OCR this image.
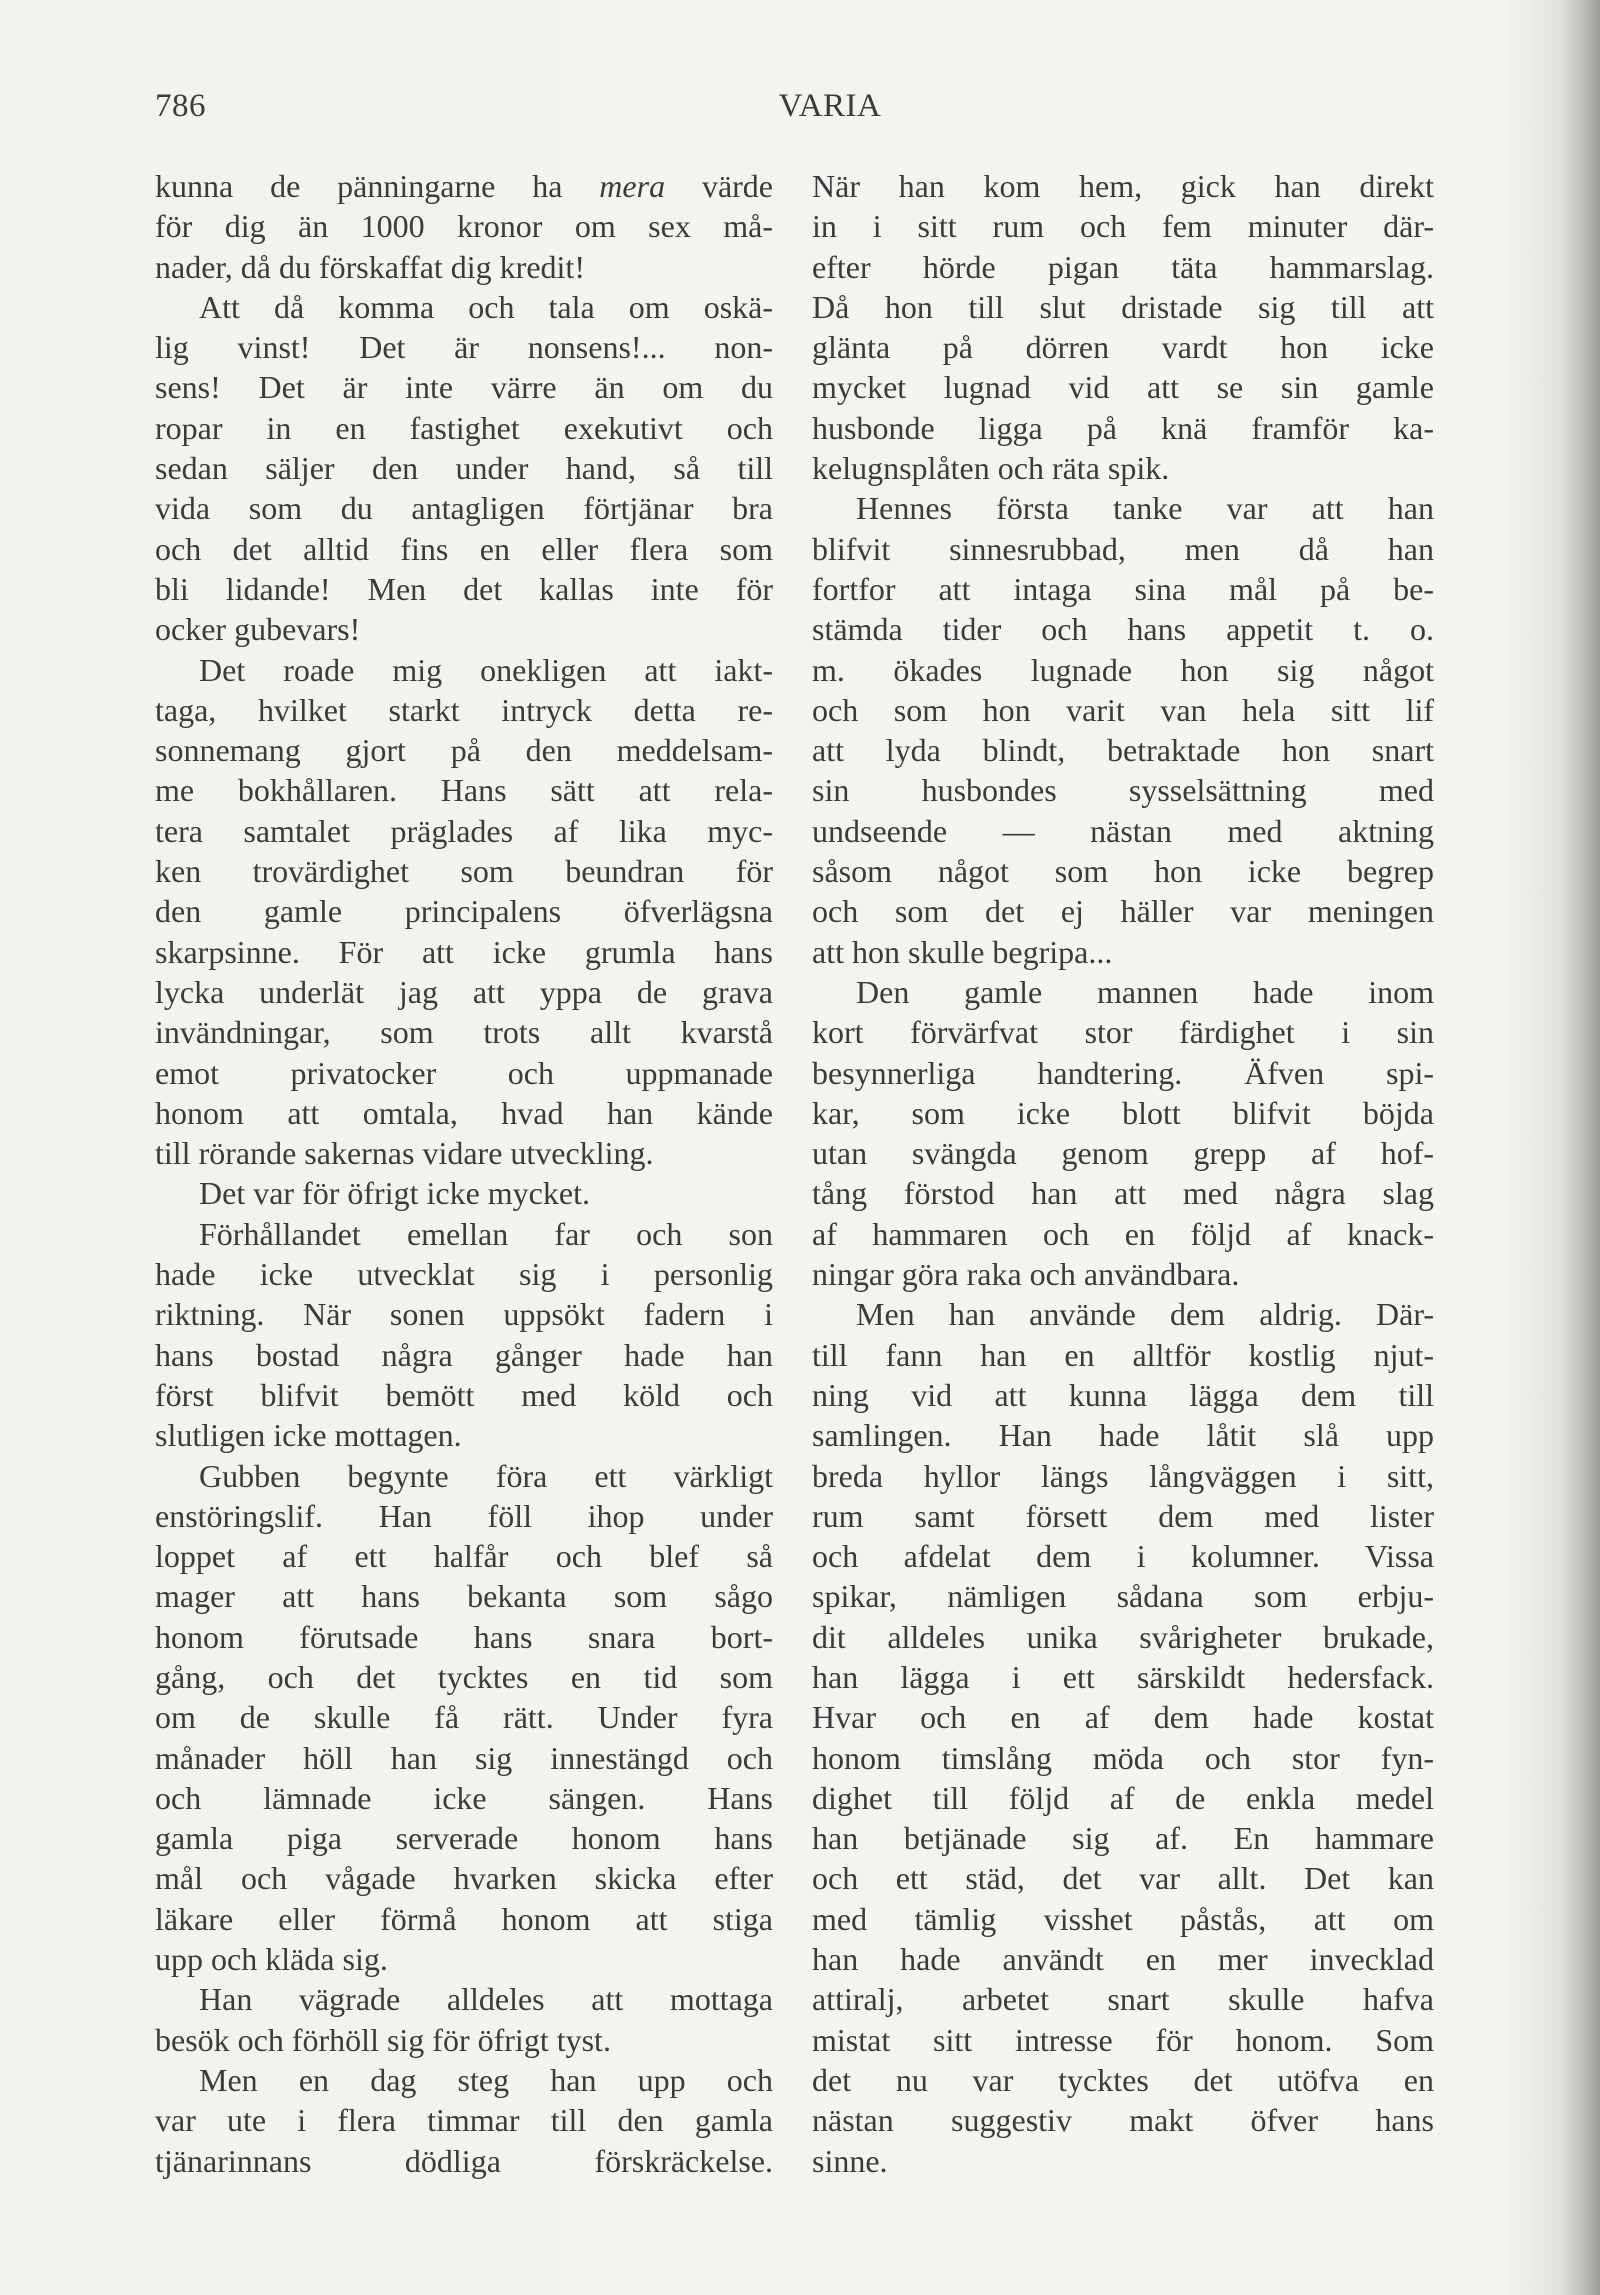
786	VARIA
kunna de pänningarne ha mera värde
för dig än 1000 kronor om sex må-
nader, då du förskaffat dig kredit!
Att då komma och tala om oskä-
lig vinst! Det är nonsens!... non-
sens! Det är inte värre än om du
ropar in en fastighet exekutivt och
sedan säljer den under hand, så till
vida som du antagligen förtjänar bra
och det alltid fins en eller flera som
bli lidande! Men det kallas inte för
ocker gubevars!
Det roade mig onekligen att iakt-
taga, hvilket starkt intryck detta re-
sonnemang gjort på den meddelsam-
me bokhållaren. Hans sätt att rela-
tera samtalet präglades af lika myc-
ken trovärdighet som beundran för
den gamle principalens öfverlägsna
skarpsinne. För att icke grumla hans
lycka underlät jag att yppa de grava
invändningar, som trots allt kvarstå
emot privatocker och uppmanade
honom att omtala, hvad han kände
till rörande sakernas vidare utveckling.
Det var för öfrigt icke mycket.
Förhållandet emellan far och son
hade icke utvecklat sig i personlig
riktning. När sonen uppsökt fadern i
hans bostad några gånger hade han
först blifvit bemött med köld och
slutligen icke mottagen.
Gubben begynte föra ett värkligt
enstöringslif. Han föll ihop under
loppet af ett halfår och blef så
mager att hans bekanta som sågo
honom förutsade hans snara bort-
gång, och det tycktes en tid som
om de skulle få rätt. Under fyra
månader höll han sig innestängd och
och lämnade icke sängen. Hans
gamla piga serverade honom hans
mål och vågade hvarken skicka efter
läkare eller förmå honom att stiga
upp och kläda sig.
Han vägrade alldeles att mottaga
besök och förhöll sig för öfrigt tyst.
Men en dag steg han upp och
var ute i flera timmar till den gamla
tjänarinnans dödliga förskräckelse.
När han kom hem, gick han direkt
in i sitt rum och fem minuter där-
efter hörde pigan täta hammarslag.
Då hon till slut dristade sig till att
glänta på dörren vardt hon icke
mycket lugnad vid att se sin gamle
husbonde ligga på knä framför ka-
kelugnsplåten och räta spik.
Hennes första tanke var att han
blifvit sinnesrubbad, men då han
fortfor att intaga sina mål på be-
stämda tider och hans appetit t. o.
m. ökades lugnade hon sig något
och som hon varit van hela sitt lif
att lyda blindt, betraktade hon snart
sin husbondes sysselsättning med
undseende — nästan med aktning
såsom något som hon icke begrep
och som det ej häller var meningen
att hon skulle begripa...
Den gamle mannen hade inom
kort förvärfvat stor färdighet i sin
besynnerliga handtering. Äfven spi-
kar, som icke blott blifvit böjda
utan svängda genom grepp af hof-
tång förstod han att med några slag
af hammaren och en följd af knack-
ningar göra raka och användbara.
Men han använde dem aldrig. Där-
till fann han en alltför kostlig njut-
ning vid att kunna lägga dem till
samlingen. Han hade låtit slå upp
breda hyllor längs långväggen i sitt,
rum samt försett dem med lister
och afdelat dem i kolumner. Vissa
spikar, nämligen sådana som erbju-
dit alldeles unika svårigheter brukade,
han lägga i ett särskildt hedersfack.
Hvar och en af dem hade kostat
honom timslång möda och stor fyn-
dighet till följd af de enkla medel
han betjänade sig af. En hammare
och ett städ, det var allt. Det kan
med tämlig visshet påstås, att om
han hade användt en mer invecklad
attiralj, arbetet snart skulle hafva
mistat sitt intresse för honom. Som
det nu var tycktes det utöfva en
nästan suggestiv makt öfver hans
sinne.
